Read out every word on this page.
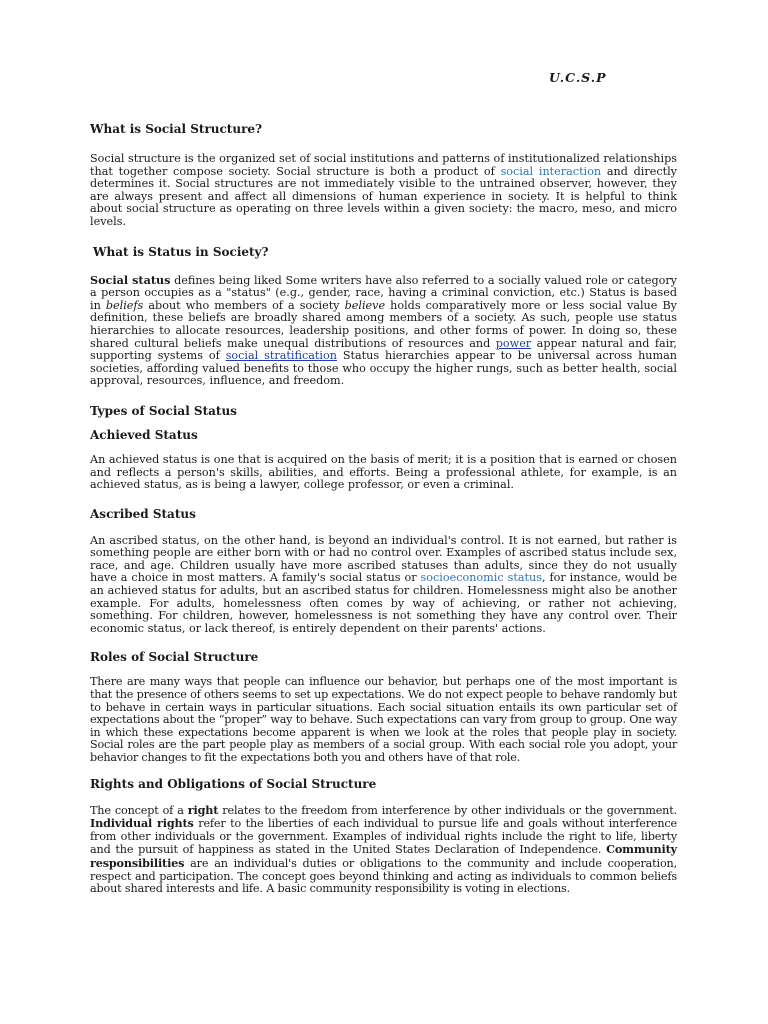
U.C.S.P
What is Social Structure?

Social structure is the organized set of social institutions and patterns of institutionalized relationships that together compose society. Social structure is both a product of social interaction and directly determines it. Social structures are not immediately visible to the untrained observer, however, they are always present and affect all dimensions of human experience in society. It is helpful to think about social structure as operating on three levels within a given society: the macro, meso, and micro levels.

What is Status in Society?

Social status defines being liked Some writers have also referred to a socially valued role or category a person occupies as a "status" (e.g., gender, race, having a criminal conviction, etc.) Status is based in beliefs about who members of a society believe holds comparatively more or less social value By definition, these beliefs are broadly shared among members of a society. As such, people use status hierarchies to allocate resources, leadership positions, and other forms of power. In doing so, these shared cultural beliefs make unequal distributions of resources and power appear natural and fair, supporting systems of social stratification Status hierarchies appear to be universal across human societies, affording valued benefits to those who occupy the higher rungs, such as better health, social approval, resources, influence, and freedom.

Types of Social Status
Achieved Status

An achieved status is one that is acquired on the basis of merit; it is a position that is earned or chosen and reflects a person's skills, abilities, and efforts. Being a professional athlete, for example, is an achieved status, as is being a lawyer, college professor, or even a criminal.

Ascribed Status

An ascribed status, on the other hand, is beyond an individual's control. It is not earned, but rather is something people are either born with or had no control over. Examples of ascribed status include sex, race, and age. Children usually have more ascribed statuses than adults, since they do not usually have a choice in most matters. A family's social status or socioeconomic status, for instance, would be an achieved status for adults, but an ascribed status for children. Homelessness might also be another example. For adults, homelessness often comes by way of achieving, or rather not achieving, something. For children, however, homelessness is not something they have any control over. Their economic status, or lack thereof, is entirely dependent on their parents' actions.

Roles of Social Structure

There are many ways that people can influence our behavior, but perhaps one of the most important is that the presence of others seems to set up expectations. We do not expect people to behave randomly but to behave in certain ways in particular situations. Each social situation entails its own particular set of expectations about the “proper” way to behave. Such expectations can vary from group to group. One way in which these expectations become apparent is when we look at the roles that people play in society. Social roles are the part people play as members of a social group. With each social role you adopt, your behavior changes to fit the expectations both you and others have of that role.

Rights and Obligations of Social Structure

The concept of a right relates to the freedom from interference by other individuals or the government. Individual rights refer to the liberties of each individual to pursue life and goals without interference from other individuals or the government. Examples of individual rights include the right to life, liberty and the pursuit of happiness as stated in the United States Declaration of Independence. Community responsibilities are an individual's duties or obligations to the community and include cooperation, respect and participation. The concept goes beyond thinking and acting as individuals to common beliefs about shared interests and life. A basic community responsibility is voting in elections.
